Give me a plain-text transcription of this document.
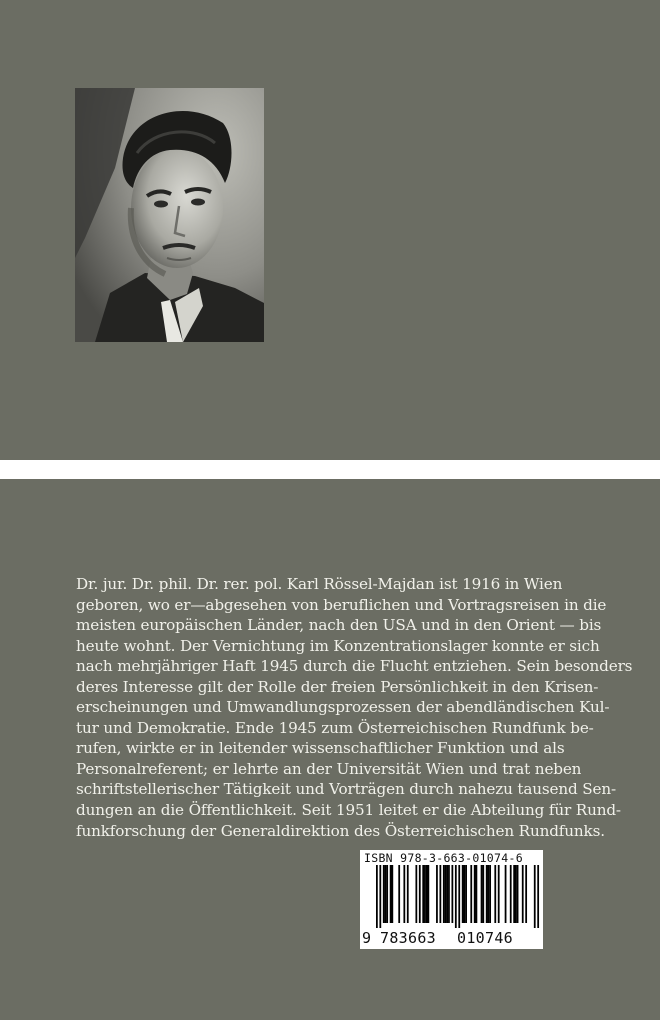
Dr. jur. Dr. phil. Dr. rer. pol. Karl Rössel-Majdan ist 1916 in Wien
geboren, wo er—abgesehen von beruflichen und Vortragsreisen in die
meisten europäischen Länder, nach den USA und in den Orient — bis
heute wohnt. Der Vernichtung im Konzentrationslager konnte er sich
nach mehrjähriger Haft 1945 durch die Flucht entziehen. Sein besonders
deres Interesse gilt der Rolle der freien Persönlichkeit in den Krisen-
erscheinungen und Umwandlungsprozessen der abendländischen Kul-
tur und Demokratie. Ende 1945 zum Österreichischen Rundfunk be-
rufen, wirkte er in leitender wissenschaftlicher Funktion und als
Personalreferent; er lehrte an der Universität Wien und trat neben
schriftstellerischer Tätigkeit und Vorträgen durch nahezu tausend Sen-
dungen an die Öffentlichkeit. Seit 1951 leitet er die Abteilung für Rund-
funkforschung der Generaldirektion des Österreichischen Rundfunks.
ISBN 978-3-663-01074-6
9 783663 010746
